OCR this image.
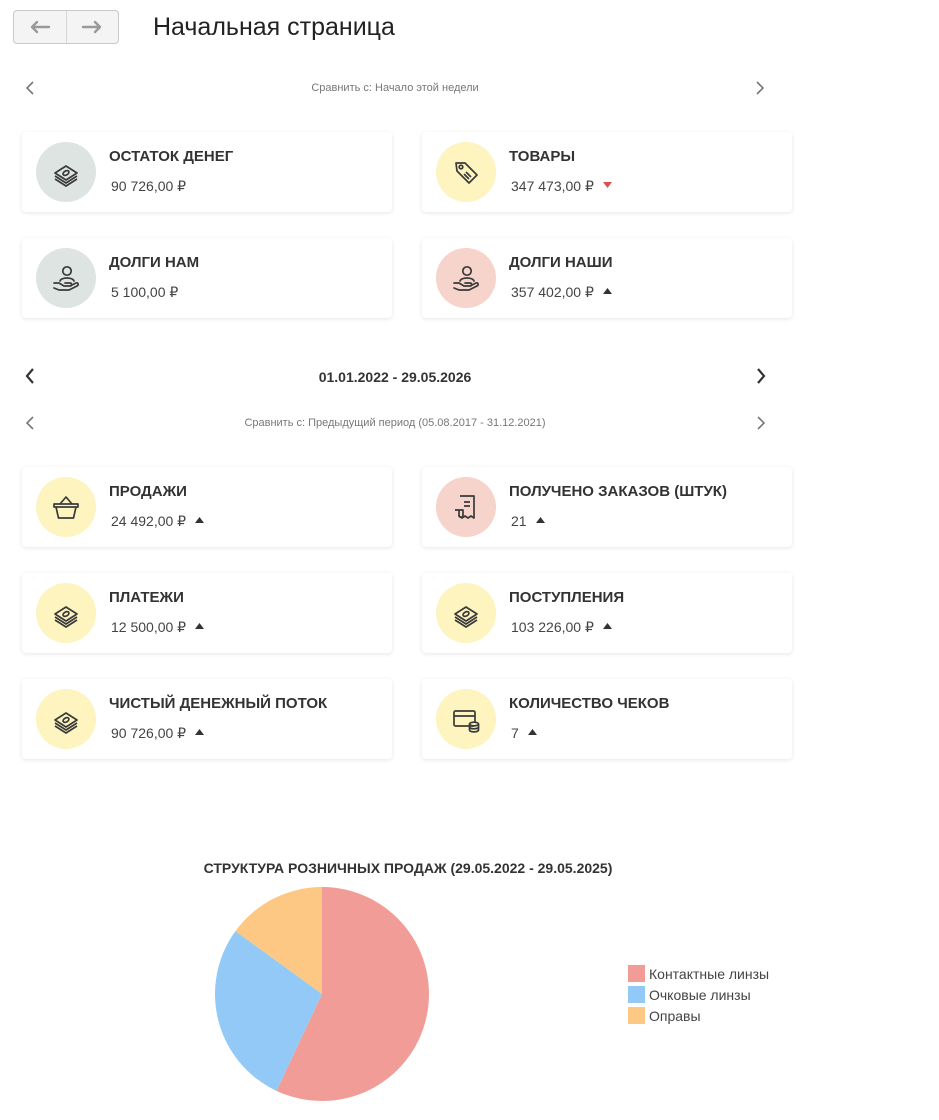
Начальная страница
Сравнить с: Начало этой недели
ОСТАТОК ДЕНЕГ
90 726,00 ₽
ТОВАРЫ
347 473,00 ₽
ДОЛГИ НАМ
5 100,00 ₽
ДОЛГИ НАШИ
357 402,00 ₽
01.01.2022 - 29.05.2026
Сравнить с: Предыдущий период (05.08.2017 - 31.12.2021)
ПРОДАЖИ
24 492,00 ₽
ПОЛУЧЕНО ЗАКАЗОВ (ШТУК)
21
ПЛАТЕЖИ
12 500,00 ₽
ПОСТУПЛЕНИЯ
103 226,00 ₽
ЧИСТЫЙ ДЕНЕЖНЫЙ ПОТОК
90 726,00 ₽
КОЛИЧЕСТВО ЧЕКОВ
7
СТРУКТУРА РОЗНИЧНЫХ ПРОДАЖ (29.05.2022 - 29.05.2025)
Контактные линзы
Очковые линзы
Оправы
